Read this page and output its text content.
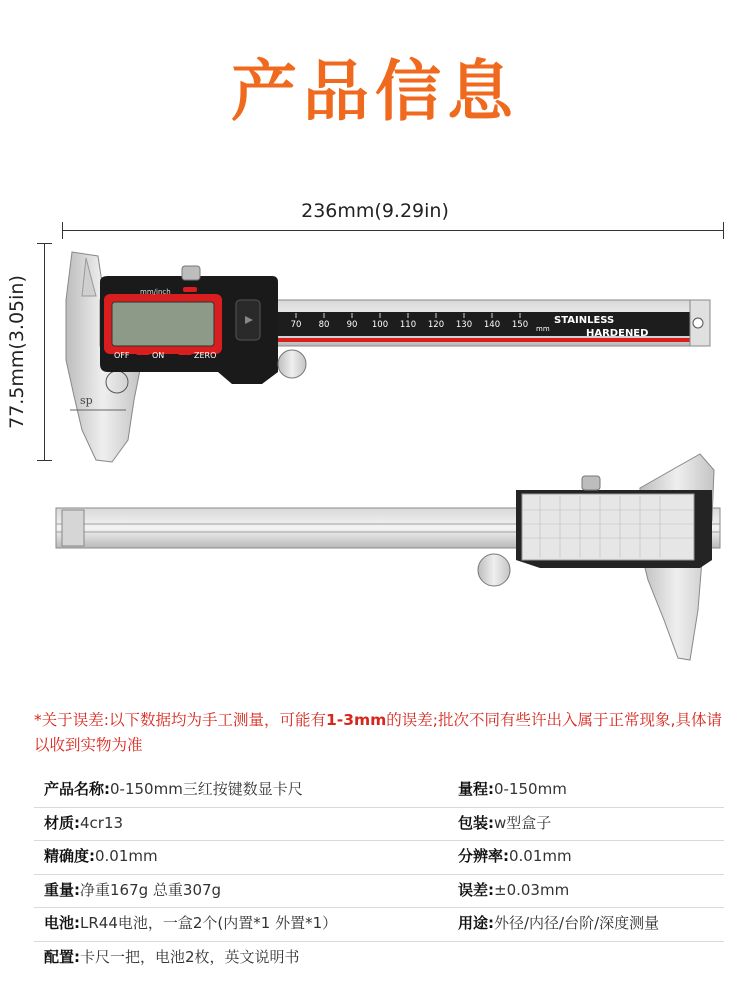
产品信息
236mm(9.29in)
77.5mm(3.05in)	sp
70 80 90 100 110 120 130 140 150 mm
STAINLESS
HARDENED
mm/inch
OFF	ON	ZERO
*关于误差:以下数据均为手工测量，可能有1-3mm的误差;批次不同有些许出入属于正常现象,具体请以收到实物为准
产品名称:0-150mm三红按键数显卡尺	量程:0-150mm
材质:4cr13	包装:w型盒子
精确度:0.01mm	分辨率:0.01mm
重量:净重167g 总重307g	误差:±0.03mm
电池:LR44电池，一盒2个(内置*1 外置*1）	用途:外径/内径/台阶/深度测量
配置:卡尺一把，电池2枚，英文说明书
